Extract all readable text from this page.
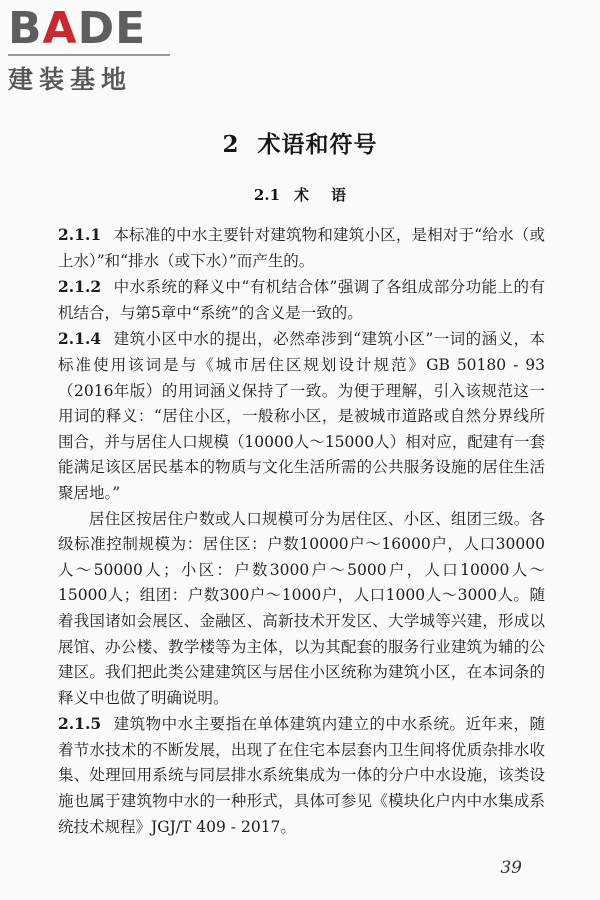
BADE
建装基地
2 术语和符号
2.1 术 语

2.1.1 本标准的中水主要针对建筑物和建筑小区，是相对于“给水（或上水）”和“排水（或下水）”而产生的。

2.1.2 中水系统的释义中“有机结合体”强调了各组成部分功能上的有机结合，与第5章中“系统”的含义是一致的。

2.1.4 建筑小区中水的提出，必然牵涉到“建筑小区”一词的涵义，本标准使用该词是与《城市居住区规划设计规范》GB 50180 - 93（2016年版）的用词涵义保持了一致。为便于理解，引入该规范这一用词的释义：“居住小区，一般称小区，是被城市道路或自然分界线所围合，并与居住人口规模（10000人～15000人）相对应，配建有一套能满足该区居民基本的物质与文化生活所需的公共服务设施的居住生活聚居地。”

居住区按居住户数或人口规模可分为居住区、小区、组团三级。各级标准控制规模为：居住区：户数10000户～16000户，人口30000人～50000人；小区：户数3000户～5000户，人口10000人～15000人；组团：户数300户～1000户，人口1000人～3000人。随着我国诸如会展区、金融区、高新技术开发区、大学城等兴建，形成以展馆、办公楼、教学楼等为主体，以为其配套的服务行业建筑为辅的公建区。我们把此类公建建筑区与居住小区统称为建筑小区，在本词条的释义中也做了明确说明。

2.1.5 建筑物中水主要指在单体建筑内建立的中水系统。近年来，随着节水技术的不断发展，出现了在住宅本层套内卫生间将优质杂排水收集、处理回用系统与同层排水系统集成为一体的分户中水设施，该类设施也属于建筑物中水的一种形式，具体可参见《模块化户内中水集成系统技术规程》JGJ/T 409 - 2017。

39
